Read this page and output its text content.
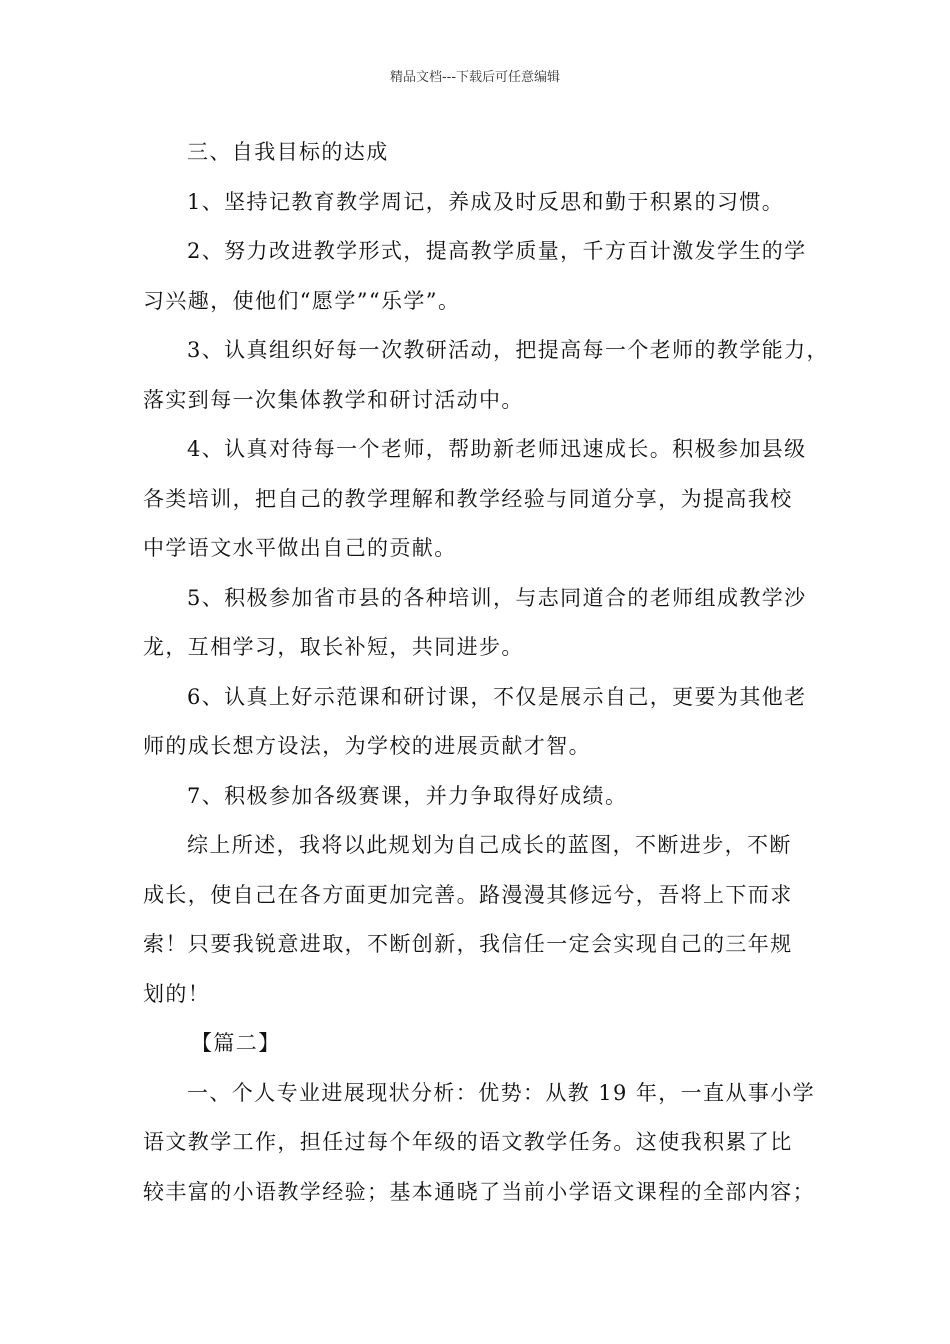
精品文档---下载后可任意编辑

三、自我目标的达成

1、坚持记教育教学周记，养成及时反思和勤于积累的习惯。

2、努力改进教学形式，提高教学质量，千方百计激发学生的学
习兴趣，使他们“愿学”“乐学”。

3、认真组织好每一次教研活动，把提高每一个老师的教学能力，
落实到每一次集体教学和研讨活动中。

4、认真对待每一个老师，帮助新老师迅速成长。积极参加县级
各类培训，把自己的教学理解和教学经验与同道分享，为提高我校
中学语文水平做出自己的贡献。

5、积极参加省市县的各种培训，与志同道合的老师组成教学沙
龙，互相学习，取长补短，共同进步。

6、认真上好示范课和研讨课，不仅是展示自己，更要为其他老
师的成长想方设法，为学校的进展贡献才智。

7、积极参加各级赛课，并力争取得好成绩。

综上所述，我将以此规划为自己成长的蓝图，不断进步，不断
成长，使自己在各方面更加完善。路漫漫其修远兮，吾将上下而求
索！只要我锐意进取，不断创新，我信任一定会实现自己的三年规
划的！

【篇二】

一、个人专业进展现状分析：优势：从教 19 年，一直从事小学
语文教学工作，担任过每个年级的语文教学任务。这使我积累了比
较丰富的小语教学经验；基本通晓了当前小学语文课程的全部内容；
